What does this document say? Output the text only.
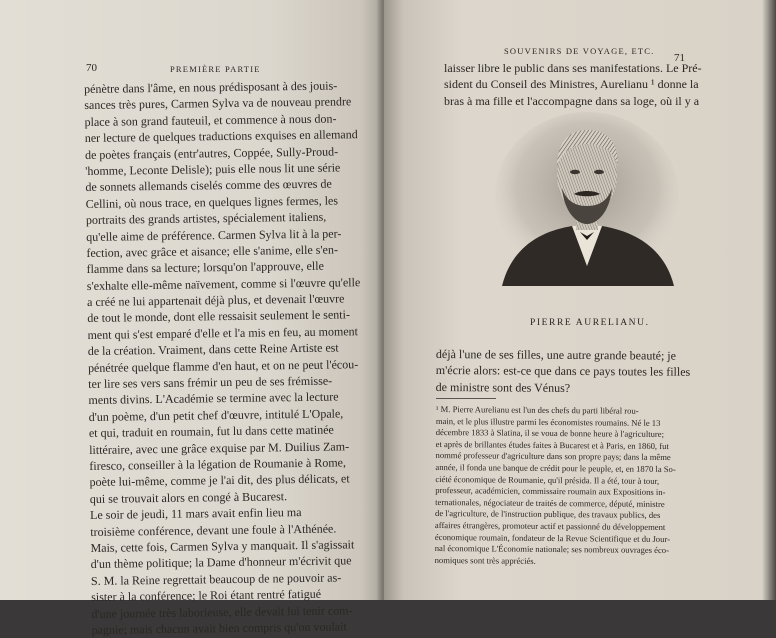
70	PREMIÈRE PARTIE
pénètre dans l'âme, en nous prédisposant à des jouis-
sances très pures, Carmen Sylva va de nouveau prendre
place à son grand fauteuil, et commence à nous don-
ner lecture de quelques traductions exquises en allemand
de poètes français (entr'autres, Coppée, Sully-Proud-
'homme, Leconte Delisle); puis elle nous lit une série
de sonnets allemands ciselés comme des œuvres de
Cellini, où nous trace, en quelques lignes fermes, les
portraits des grands artistes, spécialement italiens,
qu'elle aime de préférence. Carmen Sylva lit à la per-
fection, avec grâce et aisance; elle s'anime, elle s'en-
flamme dans sa lecture; lorsqu'on l'approuve, elle
s'exhalte elle-même naïvement, comme si l'œuvre qu'elle
a créé ne lui appartenait déjà plus, et devenait l'œuvre
de tout le monde, dont elle ressaisit seulement le senti-
ment qui s'est emparé d'elle et l'a mis en feu, au moment
de la création. Vraiment, dans cette Reine Artiste est
pénétrée quelque flamme d'en haut, et on ne peut l'écou-
ter lire ses vers sans frémir un peu de ses frémisse-
ments divins. L'Académie se termine avec la lecture
d'un poème, d'un petit chef d'œuvre, intitulé L'Opale,
et qui, traduit en roumain, fut lu dans cette matinée
littéraire, avec une grâce exquise par M. Duilius Zam-
firesco, conseiller à la légation de Roumanie à Rome,
poète lui-même, comme je l'ai dit, des plus délicats, et
qui se trouvait alors en congé à Bucarest.
Le soir de jeudi, 11 mars avait enfin lieu ma
troisième conférence, devant une foule à l'Athénée.
Mais, cette fois, Carmen Sylva y manquait. Il s'agissait
d'un thème politique; la Dame d'honneur m'écrivit que
S. M. la Reine regrettait beaucoup de ne pouvoir as-
sister à la conférence; le Roi étant rentré fatigué
d'une journée très laborieuse, elle devait lui tenir com-
pagnie; mais chacun avait bien compris qu'on voulait
SOUVENIRS DE VOYAGE, ETC.
71
laisser libre le public dans ses manifestations. Le Pré-
sident du Conseil des Ministres, Aurelianu ¹ donne la
bras à ma fille et l'accompagne dans sa loge, où il y a
PIERRE AURELIANU.
déjà l'une de ses filles, une autre grande beauté; je
m'écrie alors: est-ce que dans ce pays toutes les filles
de ministre sont des Vénus?
¹ M. Pierre Aurelianu est l'un des chefs du parti libéral rou-
main, et le plus illustre parmi les économistes roumains. Né le 13
décembre 1833 à Slatina, il se voua de bonne heure à l'agriculture;
et après de brillantes études faites à Bucarest et à Paris, en 1860, fut
nommé professeur d'agriculture dans son propre pays; dans la même
année, il fonda une banque de crédit pour le peuple, et, en 1870 la So-
ciété économique de Roumanie, qu'il présida. Il a été, tour à tour,
professeur, académicien, commissaire roumain aux Expositions in-
ternationales, négociateur de traités de commerce, député, ministre
de l'agriculture, de l'instruction publique, des travaux publics, des
affaires étrangères, promoteur actif et passionné du développement
économique roumain, fondateur de la Revue Scientifique et du Jour-
nal économique L'Économie nationale; ses nombreux ouvrages éco-
nomiques sont très appréciés.
